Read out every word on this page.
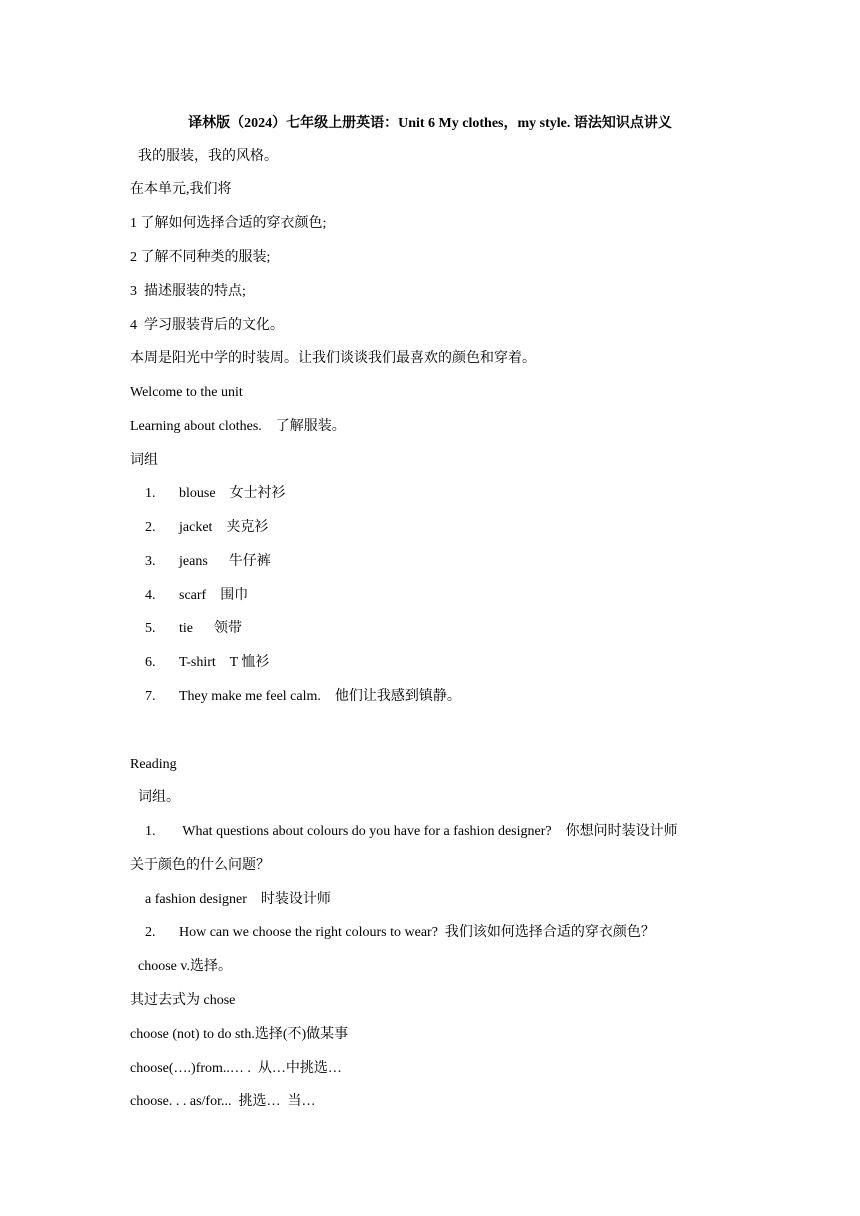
译林版（2024）七年级上册英语：Unit 6 My clothes，my style. 语法知识点讲义
我的服装，我的风格。
在本单元,我们将
1 了解如何选择合适的穿衣颜色;
2 了解不同种类的服装;
3  描述服装的特点;
4  学习服装背后的文化。
本周是阳光中学的时装周。让我们谈谈我们最喜欢的颜色和穿着。
Welcome to the unit
Learning about clothes.    了解服装。
词组
1. blouse    女士衬衫
2. jacket    夹克衫
3. jeans      牛仔裤
4. scarf    围巾
5. tie      领带
6. T-shirt    T 恤衫
7. They make me feel calm.    他们让我感到镇静。
Reading
词组。
1. What questions about colours do you have for a fashion designer?    你想问时装设计师
关于颜色的什么问题？
a fashion designer    时装设计师
2. How can we choose the right colours to wear?  我们该如何选择合适的穿衣颜色？
choose v.选择。
其过去式为 chose
choose (not) to do sth.选择(不)做某事
choose(….)from..… .  从…中挑选…
choose. . . as/for...  挑选…  当…
